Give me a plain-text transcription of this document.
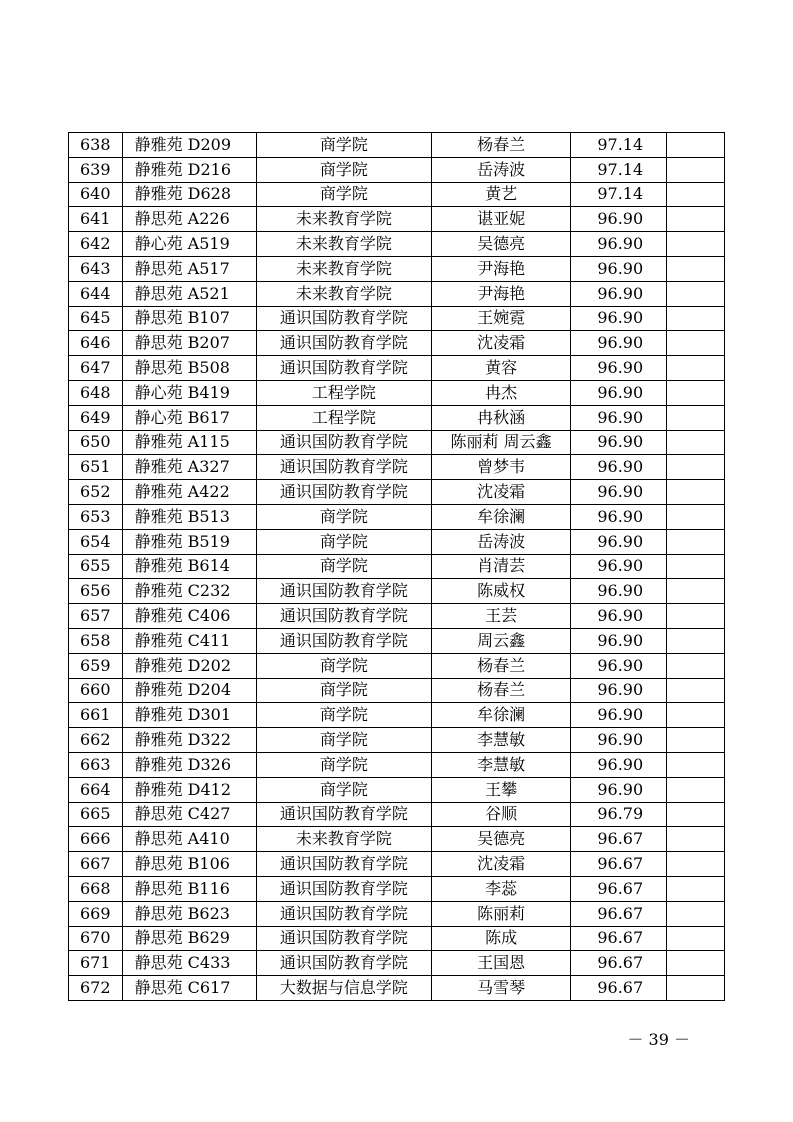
638	静雅苑 D209	商学院	杨春兰	97.14	
639	静雅苑 D216	商学院	岳涛波	97.14	
640	静雅苑 D628	商学院	黄艺	97.14	
641	静思苑 A226	未来教育学院	谌亚妮	96.90	
642	静心苑 A519	未来教育学院	吴德亮	96.90	
643	静思苑 A517	未来教育学院	尹海艳	96.90	
644	静思苑 A521	未来教育学院	尹海艳	96.90	
645	静思苑 B107	通识国防教育学院	王婉霓	96.90	
646	静思苑 B207	通识国防教育学院	沈凌霜	96.90	
647	静思苑 B508	通识国防教育学院	黄容	96.90	
648	静心苑 B419	工程学院	冉杰	96.90	
649	静心苑 B617	工程学院	冉秋涵	96.90	
650	静雅苑 A115	通识国防教育学院	陈丽莉 周云鑫	96.90	
651	静雅苑 A327	通识国防教育学院	曾梦韦	96.90	
652	静雅苑 A422	通识国防教育学院	沈凌霜	96.90	
653	静雅苑 B513	商学院	牟徐澜	96.90	
654	静雅苑 B519	商学院	岳涛波	96.90	
655	静雅苑 B614	商学院	肖清芸	96.90	
656	静雅苑 C232	通识国防教育学院	陈威权	96.90	
657	静雅苑 C406	通识国防教育学院	王芸	96.90	
658	静雅苑 C411	通识国防教育学院	周云鑫	96.90	
659	静雅苑 D202	商学院	杨春兰	96.90	
660	静雅苑 D204	商学院	杨春兰	96.90	
661	静雅苑 D301	商学院	牟徐澜	96.90	
662	静雅苑 D322	商学院	李慧敏	96.90	
663	静雅苑 D326	商学院	李慧敏	96.90	
664	静雅苑 D412	商学院	王攀	96.90	
665	静思苑 C427	通识国防教育学院	谷顺	96.79	
666	静思苑 A410	未来教育学院	吴德亮	96.67	
667	静思苑 B106	通识国防教育学院	沈凌霜	96.67	
668	静思苑 B116	通识国防教育学院	李蕊	96.67	
669	静思苑 B623	通识国防教育学院	陈丽莉	96.67	
670	静思苑 B629	通识国防教育学院	陈成	96.67	
671	静思苑 C433	通识国防教育学院	王国恩	96.67	
672	静思苑 C617	大数据与信息学院	马雪琴	96.67	
－ 39 －
